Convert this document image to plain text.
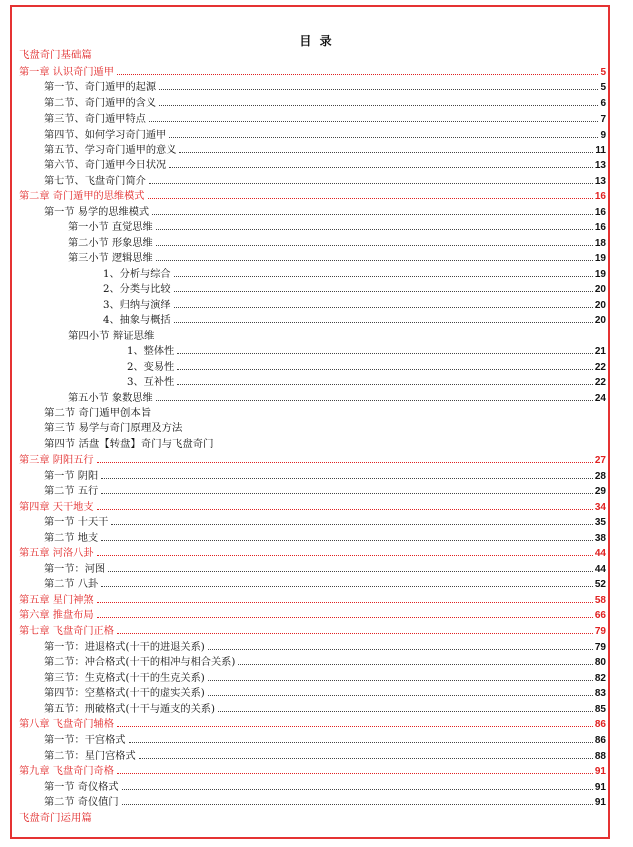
目 录
飞盘奇门基础篇
第一章 认识奇门遁甲	5
第一节、奇门遁甲的起源	5
第二节、奇门遁甲的含义	6
第三节、奇门遁甲特点	7
第四节、如何学习奇门遁甲	9
第五节、学习奇门遁甲的意义	11
第六节、奇门遁甲今日状况	13
第七节、飞盘奇门简介	13
第二章 奇门遁甲的思维模式	16
第一节 易学的思维模式	16
第一小节 直觉思维	16
第二小节 形象思维	18
第三小节 逻辑思维	19
1、分析与综合	19
2、分类与比较	20
3、归纳与演绎	20
4、抽象与概括	20
第四小节 辩证思维
1、整体性	21
2、变易性	22
3、互补性	22
第五小节 象数思维	24
第二节 奇门遁甲创本旨
第三节 易学与奇门原理及方法
第四节 活盘【转盘】奇门与飞盘奇门
第三章 阴阳五行	27
第一节 阴阳	28
第二节 五行	29
第四章 天干地支	34
第一节 十天干	35
第二节 地支	38
第五章 河洛八卦	44
第一节：河图	44
第二节 八卦	52
第五章 星门神煞	58
第六章 推盘布局	66
第七章 飞盘奇门正格	79
第一节：进退格式(十干的进退关系)	79
第二节：冲合格式(十干的相冲与相合关系)	80
第三节：生克格式(十干的生克关系)	82
第四节：空墓格式(十干的虚实关系)	83
第五节：刑破格式(十干与遁支的关系)	85
第八章 飞盘奇门辅格	86
第一节：干宫格式	86
第二节：星门宫格式	88
第九章 飞盘奇门奇格	91
第一节 奇仪格式	91
第二节 奇仪值门	91
飞盘奇门运用篇
